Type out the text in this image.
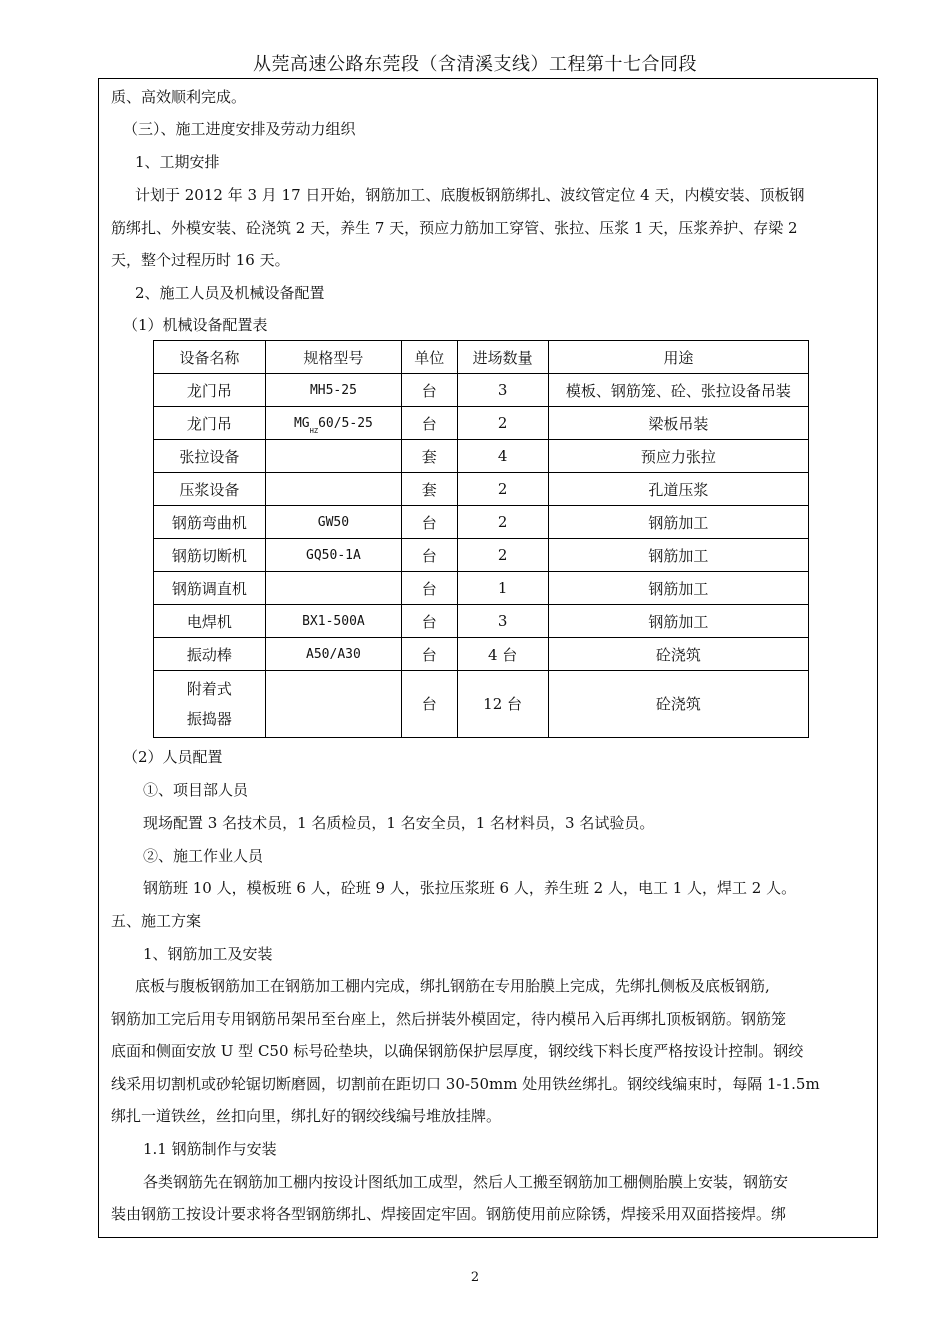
从莞高速公路东莞段（含清溪支线）工程第十七合同段
质、高效顺利完成。
（三）、施工进度安排及劳动力组织
1、工期安排
计划于 2012 年 3 月 17 日开始，钢筋加工、底腹板钢筋绑扎、波纹管定位 4 天，内模安装、顶板钢
筋绑扎、外模安装、砼浇筑 2 天，养生 7 天，预应力筋加工穿管、张拉、压浆 1 天，压浆养护、存梁 2
天，整个过程历时 16 天。
2、施工人员及机械设备配置
（1）机械设备配置表
设备名称	规格型号	单位	进场数量	用途
龙门吊	MH5-25	台	3	模板、钢筋笼、砼、张拉设备吊装
龙门吊	$MG_{HZ}60/5-25$	台	2	梁板吊装
张拉设备		套	4	预应力张拉
压浆设备		套	2	孔道压浆
钢筋弯曲机	GW50	台	2	钢筋加工
钢筋切断机	GQ50-1A	台	2	钢筋加工
钢筋调直机		台	1	钢筋加工
电焊机	BX1-500A	台	3	钢筋加工
振动棒	A50/A30	台	4 台	砼浇筑
附着式
振捣器		台	12 台	砼浇筑
（2）人员配置
①、项目部人员
现场配置 3 名技术员，1 名质检员，1 名安全员，1 名材料员，3 名试验员。
②、施工作业人员
钢筋班 10 人，模板班 6 人，砼班 9 人，张拉压浆班 6 人，养生班 2 人，电工 1 人，焊工 2 人。
五、施工方案
1、钢筋加工及安装
底板与腹板钢筋加工在钢筋加工棚内完成，绑扎钢筋在专用胎膜上完成，先绑扎侧板及底板钢筋,
钢筋加工完后用专用钢筋吊架吊至台座上，然后拼装外模固定，待内模吊入后再绑扎顶板钢筋。钢筋笼
底面和侧面安放 U 型 C50 标号砼垫块，以确保钢筋保护层厚度，钢绞线下料长度严格按设计控制。钢绞
线采用切割机或砂轮锯切断磨圆，切割前在距切口 30-50mm 处用铁丝绑扎。钢绞线编束时，每隔 1-1.5m
绑扎一道铁丝，丝扣向里，绑扎好的钢绞线编号堆放挂牌。
1.1 钢筋制作与安装
各类钢筋先在钢筋加工棚内按设计图纸加工成型，然后人工搬至钢筋加工棚侧胎膜上安装，钢筋安
装由钢筋工按设计要求将各型钢筋绑扎、焊接固定牢固。钢筋使用前应除锈，焊接采用双面搭接焊。绑
2
